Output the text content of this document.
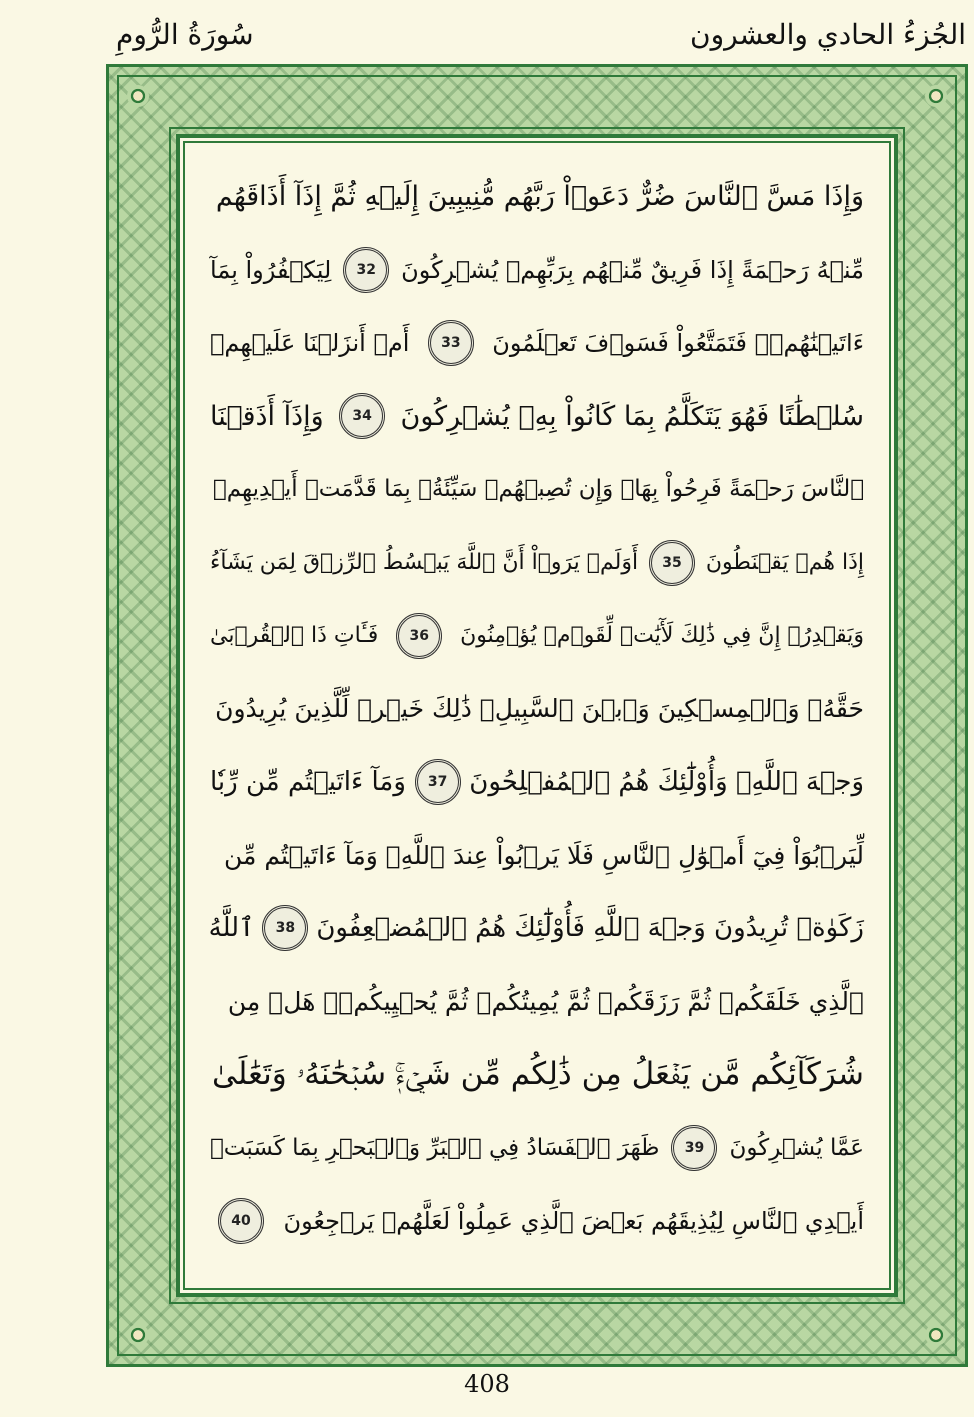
سُورَةُ الرُّومِ	الجُزءُ الحادي والعشرون
وَإِذَا مَسَّ ٱلنَّاسَ ضُرٌّ دَعَوۡاْ رَبَّهُم مُّنِيبِينَ إِلَيۡهِ ثُمَّ إِذَآ أَذَاقَهُم
مِّنۡهُ رَحۡمَةً إِذَا فَرِيقٌ مِّنۡهُم بِرَبِّهِمۡ يُشۡرِكُونَ
32
لِيَكۡفُرُواْ بِمَآ
ءَاتَيۡنَٰهُمۡۚ فَتَمَتَّعُواْ فَسَوۡفَ تَعۡلَمُونَ
33
أَمۡ أَنزَلۡنَا عَلَيۡهِمۡ
سُلۡطَٰنًا فَهُوَ يَتَكَلَّمُ بِمَا كَانُواْ بِهِۦ يُشۡرِكُونَ
34
وَإِذَآ أَذَقۡنَا
ٱلنَّاسَ رَحۡمَةً فَرِحُواْ بِهَاۖ وَإِن تُصِبۡهُمۡ سَيِّئَةُۢ بِمَا قَدَّمَتۡ أَيۡدِيهِمۡ
إِذَا هُمۡ يَقۡنَطُونَ
35
أَوَلَمۡ يَرَوۡاْ أَنَّ ٱللَّهَ يَبۡسُطُ ٱلرِّزۡقَ لِمَن يَشَآءُ
وَيَقۡدِرُۚ إِنَّ فِي ذَٰلِكَ لَأٓيَٰتٖ لِّقَوۡمٖ يُؤۡمِنُونَ
36
فَـَٔاتِ ذَا ٱلۡقُرۡبَىٰ
حَقَّهُۥ وَٱلۡمِسۡكِينَ وَٱبۡنَ ٱلسَّبِيلِۚ ذَٰلِكَ خَيۡرٞ لِّلَّذِينَ يُرِيدُونَ
وَجۡهَ ٱللَّهِۖ وَأُوْلَٰٓئِكَ هُمُ ٱلۡمُفۡلِحُونَ
37
وَمَآ ءَاتَيۡتُم مِّن رِّبٗا
لِّيَرۡبُوَاْ فِيٓ أَمۡوَٰلِ ٱلنَّاسِ فَلَا يَرۡبُواْ عِندَ ٱللَّهِۖ وَمَآ ءَاتَيۡتُم مِّن
زَكَوٰةٖ تُرِيدُونَ وَجۡهَ ٱللَّهِ فَأُوْلَٰٓئِكَ هُمُ ٱلۡمُضۡعِفُونَ
38
ٱللَّهُ
ٱلَّذِي خَلَقَكُمۡ ثُمَّ رَزَقَكُمۡ ثُمَّ يُمِيتُكُمۡ ثُمَّ يُحۡيِيكُمۡۖ هَلۡ مِن
شُرَكَآئِكُم مَّن يَفۡعَلُ مِن ذَٰلِكُم مِّن شَيۡءٖۚ سُبۡحَٰنَهُۥ وَتَعَٰلَىٰ
عَمَّا يُشۡرِكُونَ
39
ظَهَرَ ٱلۡفَسَادُ فِي ٱلۡبَرِّ وَٱلۡبَحۡرِ بِمَا كَسَبَتۡ
أَيۡدِي ٱلنَّاسِ لِيُذِيقَهُم بَعۡضَ ٱلَّذِي عَمِلُواْ لَعَلَّهُمۡ يَرۡجِعُونَ
40
408
